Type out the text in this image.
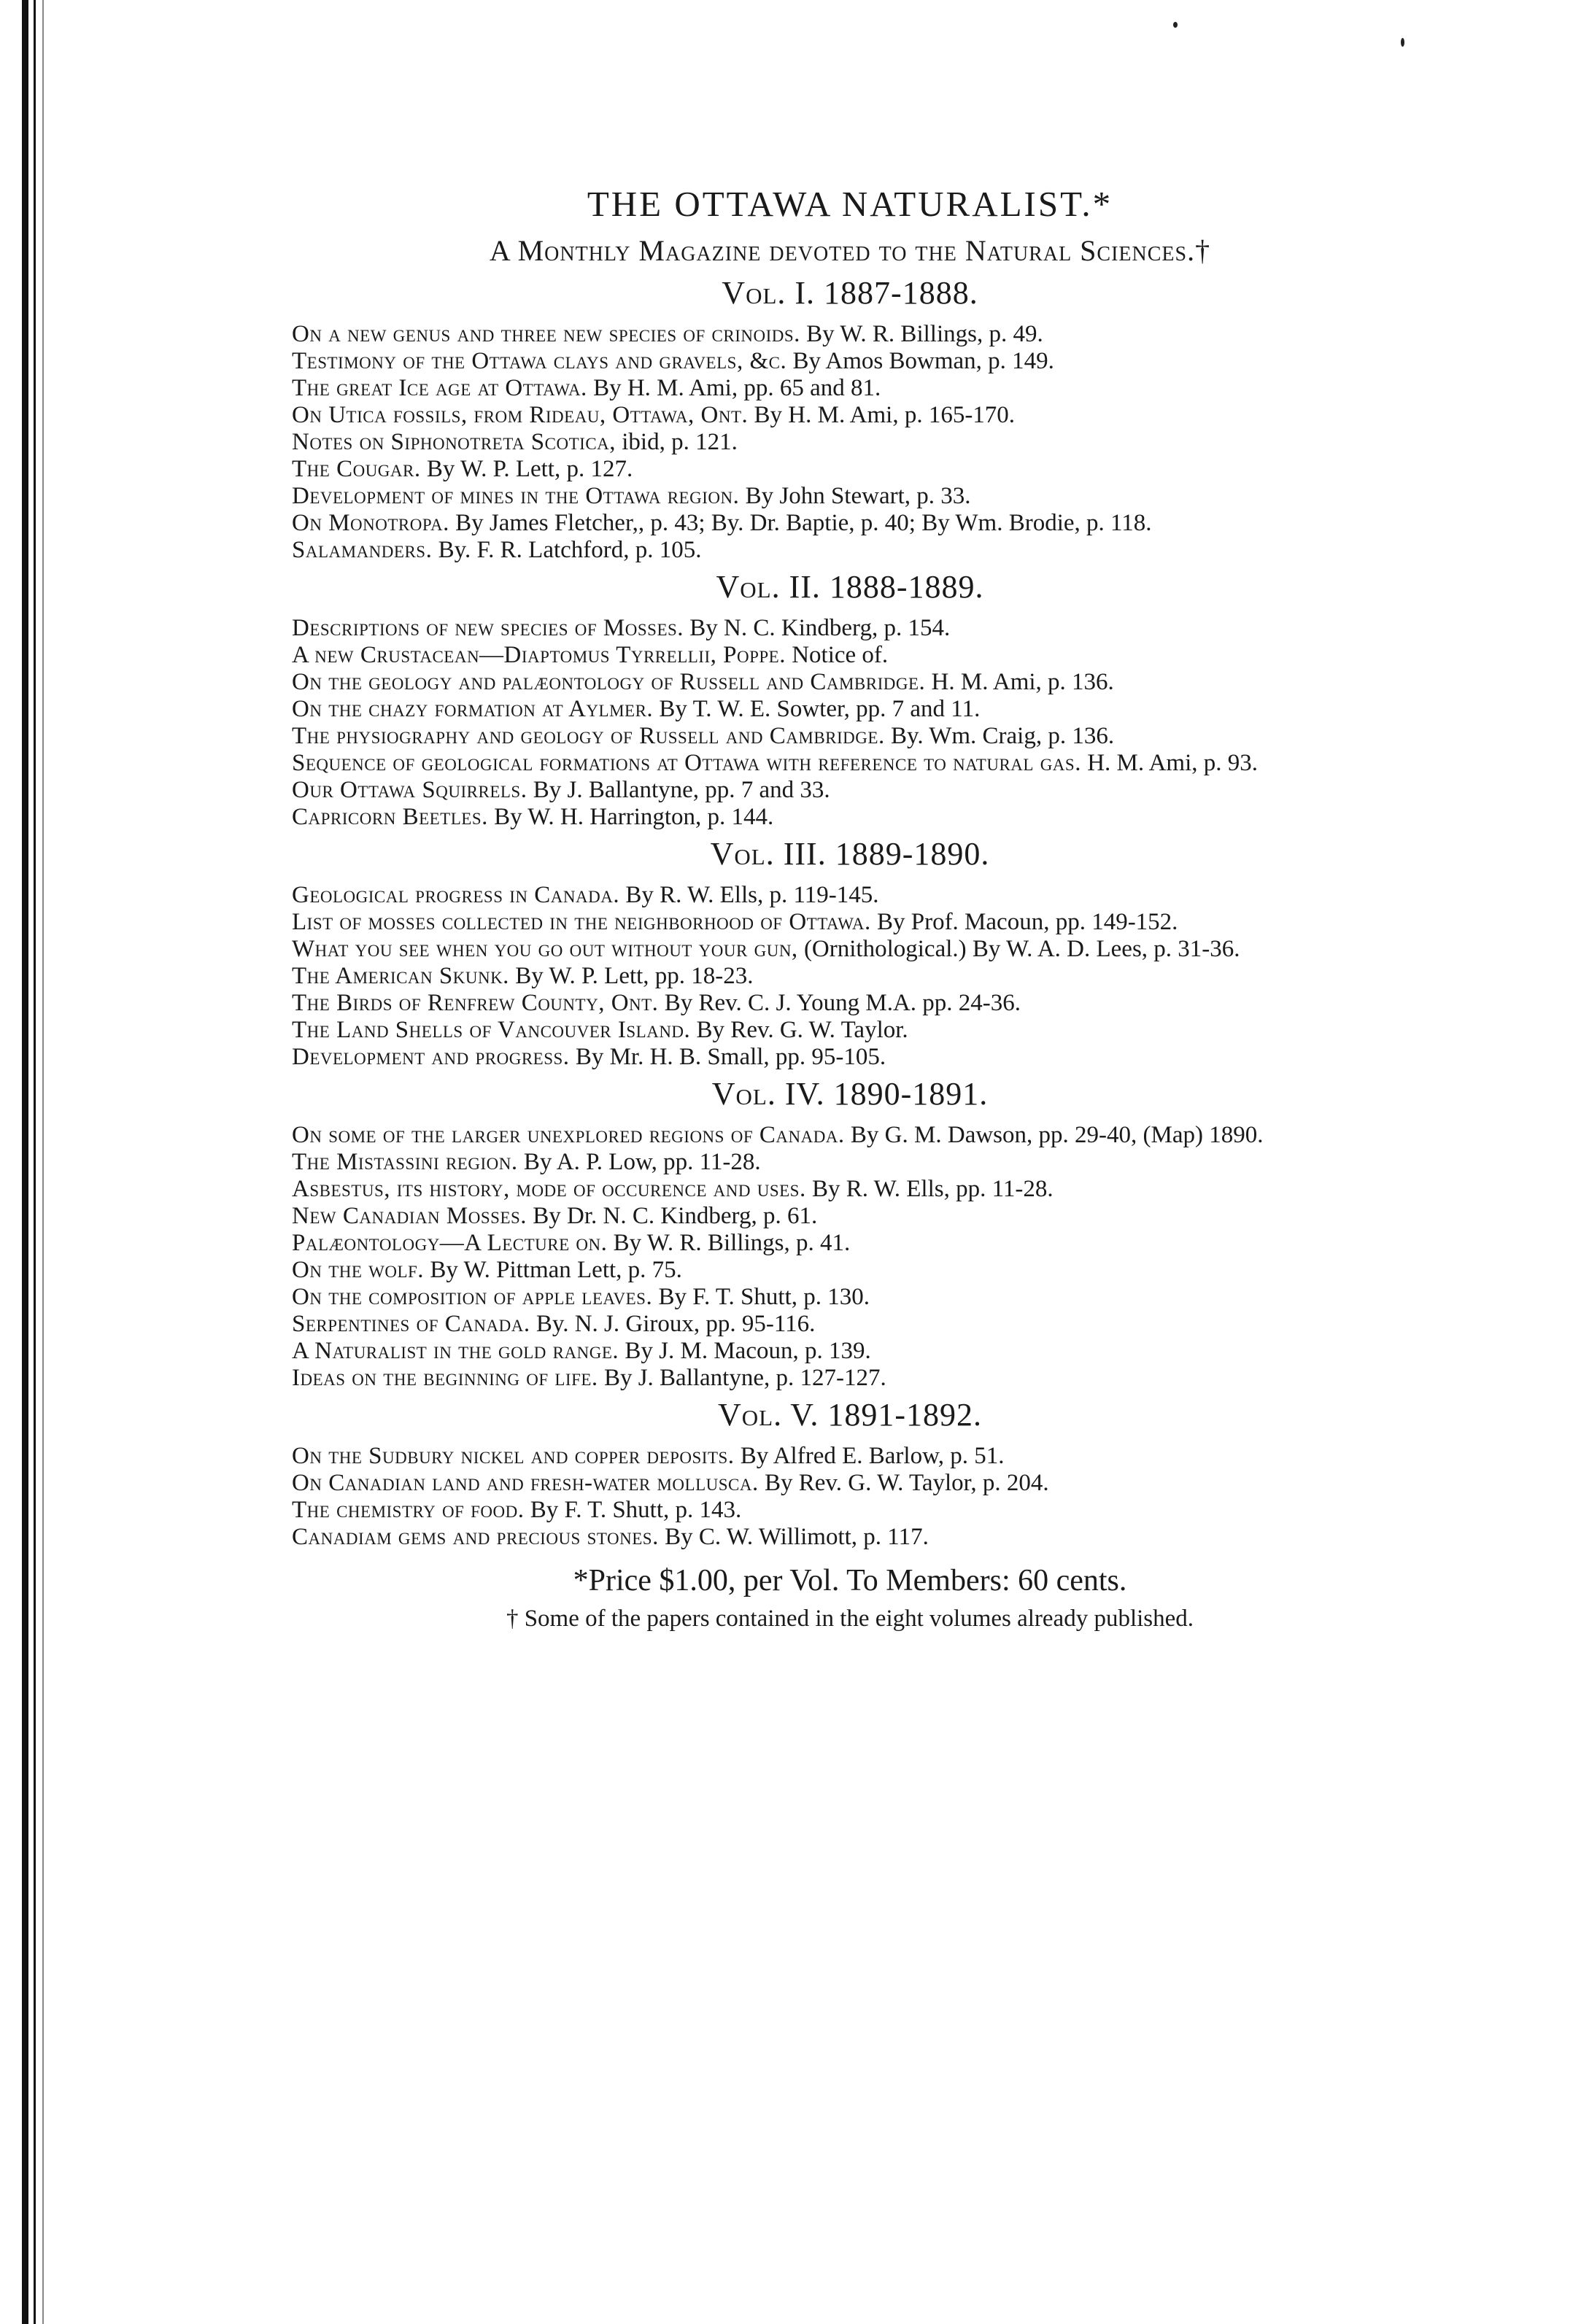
THE OTTAWA NATURALIST.*

A Monthly Magazine devoted to the Natural Sciences.†

Vol. I. 1887-1888.
On a new genus and three new species of crinoids. By W. R. Billings, p. 49.
Testimony of the Ottawa clays and gravels, &c. By Amos Bowman, p. 149.
The great Ice age at Ottawa. By H. M. Ami, pp. 65 and 81.
On Utica fossils, from Rideau, Ottawa, Ont. By H. M. Ami, p. 165-170.
Notes on Siphonotreta Scotica, ibid, p. 121.
The Cougar. By W. P. Lett, p. 127.
Development of mines in the Ottawa region. By John Stewart, p. 33.
On Monotropa. By James Fletcher,, p. 43; By. Dr. Baptie, p. 40; By Wm. Brodie, p. 118.
Salamanders. By. F. R. Latchford, p. 105.
Vol. II. 1888-1889.
Descriptions of new species of Mosses. By N. C. Kindberg, p. 154.
A new Crustacean—Diaptomus Tyrrellii, Poppe. Notice of.
On the geology and palæontology of Russell and Cambridge. H. M. Ami, p. 136.
On the chazy formation at Aylmer. By T. W. E. Sowter, pp. 7 and 11.
The physiography and geology of Russell and Cambridge. By. Wm. Craig, p. 136.
Sequence of geological formations at Ottawa with reference to natural gas. H. M. Ami, p. 93.
Our Ottawa Squirrels. By J. Ballantyne, pp. 7 and 33.
Capricorn Beetles. By W. H. Harrington, p. 144.
Vol. III. 1889-1890.
Geological progress in Canada. By R. W. Ells, p. 119-145.
List of mosses collected in the neighborhood of Ottawa. By Prof. Macoun, pp. 149-152.
What you see when you go out without your gun, (Ornithological.) By W. A. D. Lees, p. 31-36.
The American Skunk. By W. P. Lett, pp. 18-23.
The Birds of Renfrew County, Ont. By Rev. C. J. Young M.A. pp. 24-36.
The Land Shells of Vancouver Island. By Rev. G. W. Taylor.
Development and progress. By Mr. H. B. Small, pp. 95-105.
Vol. IV. 1890-1891.
On some of the larger unexplored regions of Canada. By G. M. Dawson, pp. 29-40, (Map) 1890.
The Mistassini region. By A. P. Low, pp. 11-28.
Asbestus, its history, mode of occurence and uses. By R. W. Ells, pp. 11-28.
New Canadian Mosses. By Dr. N. C. Kindberg, p. 61.
Palæontology—A Lecture on. By W. R. Billings, p. 41.
On the wolf. By W. Pittman Lett, p. 75.
On the composition of apple leaves. By F. T. Shutt, p. 130.
Serpentines of Canada. By. N. J. Giroux, pp. 95-116.
A Naturalist in the gold range. By J. M. Macoun, p. 139.
Ideas on the beginning of life. By J. Ballantyne, p. 127-127.
Vol. V. 1891-1892.
On the Sudbury nickel and copper deposits. By Alfred E. Barlow, p. 51.
On Canadian land and fresh-water mollusca. By Rev. G. W. Taylor, p. 204.
The chemistry of food. By F. T. Shutt, p. 143.
Canadiam gems and precious stones. By C. W. Willimott, p. 117.

*Price $1.00, per Vol. To Members: 60 cents.

† Some of the papers contained in the eight volumes already published.
